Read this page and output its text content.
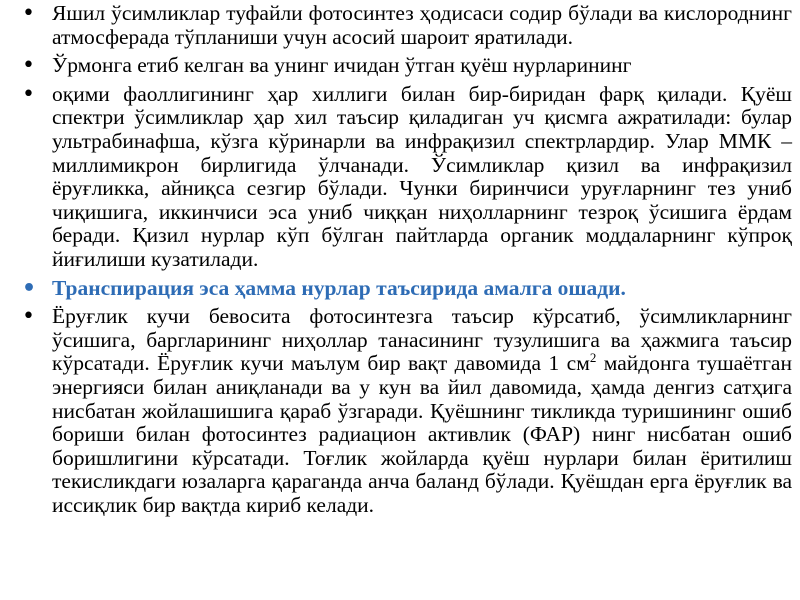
• Яшил ўсимликлар туфайли фотосинтез ҳодисаси содир бўлади ва кислороднинг атмосферада тўпланиши учун асосий шароит яратилади.
• Ўрмонга етиб келган ва унинг ичидан ўтган қуёш нурларининг
• оқими фаоллигининг ҳар хиллиги билан бир-биридан фарқ қилади. Қуёш спектри ўсимликлар ҳар хил таъсир қиладиган уч қисмга ажратилади: булар ультрабинафша, кўзга кўринарли ва инфрақизил спектрлардир. Улар ММК – миллимикрон бирлигида ўлчанади. Ўсимликлар қизил ва инфрақизил ёруғликка, айниқса сезгир бўлади. Чунки биринчиси уруғларнинг тез униб чиқишига, иккинчиси эса униб чиққан ниҳолларнинг тезроқ ўсишига ёрдам беради. Қизил нурлар кўп бўлган пайтларда органик моддаларнинг кўпроқ йиғилиши кузатилади.
• Транспирация эса ҳамма нурлар таъсирида амалга ошади.
• Ёруғлик кучи бевосита фотосинтезга таъсир кўрсатиб, ўсимликларнинг ўсишига, баргларининг ниҳоллар танасининг тузулишига ва ҳажмига таъсир кўрсатади. Ёруғлик кучи маълум бир вақт давомида 1 $см^2$ майдонга тушаётган энергияси билан аниқланади ва у кун ва йил давомида, ҳамда денгиз сатҳига нисбатан жойлашишига қараб ўзгаради. Қуёшнинг тикликда туришининг ошиб бориши билан фотосинтез радиацион активлик (ФАР) нинг нисбатан ошиб боришлигини кўрсатади. Тоғлик жойларда қуёш нурлари билан ёритилиш текисликдаги юзаларга қараганда анча баланд бўлади. Қуёшдан ерга ёруғлик ва иссиқлик бир вақтда кириб келади.
